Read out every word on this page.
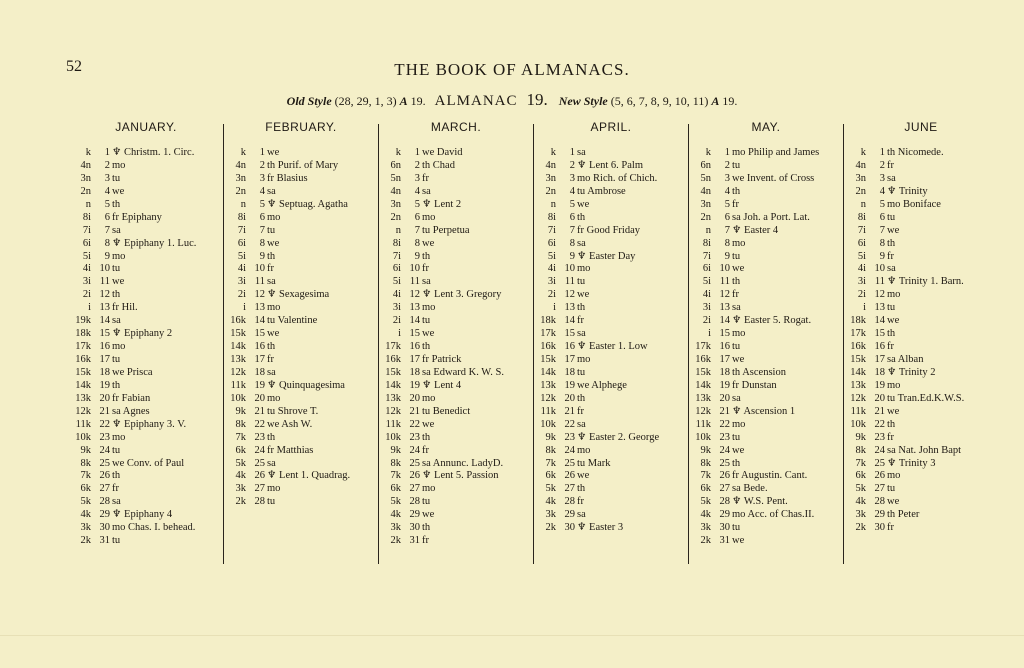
52	THE BOOK OF ALMANACS.
Old Style (28, 29, 1, 3) A 19. ALMANAC 19. New Style (5, 6, 7, 8, 9, 10, 11) A 19.
JANUARY.
k	1 ♆ Christm. 1. Circ.
4n	2 mo
3n	3 tu
2n	4 we
n	5 th
8i	6 fr Epiphany
7i	7 sa
6i	8 ♆ Epiphany 1. Luc.
5i	9 mo
4i 10 tu
3i 11 we
2i 12 th
i 13 fr Hil.
19k 14 sa
18k 15 ♆ Epiphany 2
17k 16 mo
16k 17 tu
15k 18 we Prisca
14k 19 th
13k 20 fr Fabian
12k 21 sa Agnes
11k 22 ♆ Epiphany 3. V.
10k 23 mo
9k 24 tu
8k 25 we Conv. of Paul
7k 26 th
6k 27 fr
5k 28 sa
4k 29 ♆ Epiphany 4
3k 30 mo Chas. I. behead.
2k 31 tu
FEBRUARY.
k	1 we
4n	2 th Purif. of Mary
3n	3 fr Blasius
2n	4 sa
n	5 ♆ Septuag. Agatha
8i	6 mo
7i	7 tu
6i	8 we
5i	9 th
4i 10 fr
3i 11 sa
2i 12 ♆ Sexagesima
i 13 mo
16k 14 tu Valentine
15k 15 we
14k 16 th
13k 17 fr
12k 18 sa
11k 19 ♆ Quinquagesima
10k 20 mo
9k 21 tu Shrove T.
8k 22 we Ash W.
7k 23 th
6k 24 fr Matthias
5k 25 sa
4k 26 ♆ Lent 1. Quadrag.
3k 27 mo
2k 28 tu
MARCH.
k	1 we David
6n	2 th Chad
5n	3 fr
4n	4 sa
3n	5 ♆ Lent 2
2n	6 mo
n	7 tu Perpetua
8i	8 we
7i	9 th
6i 10 fr
5i 11 sa
4i 12 ♆ Lent 3. Gregory
3i 13 mo
2i 14 tu
i 15 we
17k 16 th
16k 17 fr Patrick
15k 18 sa Edward K. W. S.
14k 19 ♆ Lent 4
13k 20 mo
12k 21 tu Benedict
11k 22 we
10k 23 th
9k 24 fr
8k 25 sa Annunc. LadyD.
7k 26 ♆ Lent 5. Passion
6k 27 mo
5k 28 tu
4k 29 we
3k 30 th
2k 31 fr
APRIL.
k	1 sa
4n	2 ♆ Lent 6. Palm
3n	3 mo Rich. of Chich.
2n	4 tu Ambrose
n	5 we
8i	6 th
7i	7 fr Good Friday
6i	8 sa
5i	9 ♆ Easter Day
4i 10 mo
3i 11 tu
2i 12 we
i 13 th
18k 14 fr
17k 15 sa
16k 16 ♆ Easter 1. Low
15k 17 mo
14k 18 tu
13k 19 we Alphege
12k 20 th
11k 21 fr
10k 22 sa
9k 23 ♆ Easter 2. George
8k 24 mo
7k 25 tu Mark
6k 26 we
5k 27 th
4k 28 fr
3k 29 sa
2k 30 ♆ Easter 3
MAY.
k	1 mo Philip and James
6n	2 tu
5n	3 we Invent. of Cross
4n	4 th
3n	5 fr
2n	6 sa Joh. a Port. Lat.
n	7 ♆ Easter 4
8i	8 mo
7i	9 tu
6i 10 we
5i 11 th
4i 12 fr
3i 13 sa
2i 14 ♆ Easter 5. Rogat.
i 15 mo
17k 16 tu
16k 17 we
15k 18 th Ascension
14k 19 fr Dunstan
13k 20 sa
12k 21 ♆ Ascension 1
11k 22 mo
10k 23 tu
9k 24 we
8k 25 th
7k 26 fr Augustin. Cant.
6k 27 sa Bede.
5k 28 ♆ W.S. Pent.
4k 29 mo Acc. of Chas.II.
3k 30 tu
2k 31 we
JUNE
k	1 th Nicomede.
4n	2 fr
3n	3 sa
2n	4 ♆ Trinity
n	5 mo Boniface
8i	6 tu
7i	7 we
6i	8 th
5i	9 fr
4i 10 sa
3i 11 ♆ Trinity 1. Barn.
2i 12 mo
i 13 tu
18k 14 we
17k 15 th
16k 16 fr
15k 17 sa Alban
14k 18 ♆ Trinity 2
13k 19 mo
12k 20 tu Tran.Ed.K.W.S.
11k 21 we
10k 22 th
9k 23 fr
8k 24 sa Nat. John Bapt
7k 25 ♆ Trinity 3
6k 26 mo
5k 27 tu
4k 28 we
3k 29 th Peter
2k 30 fr
